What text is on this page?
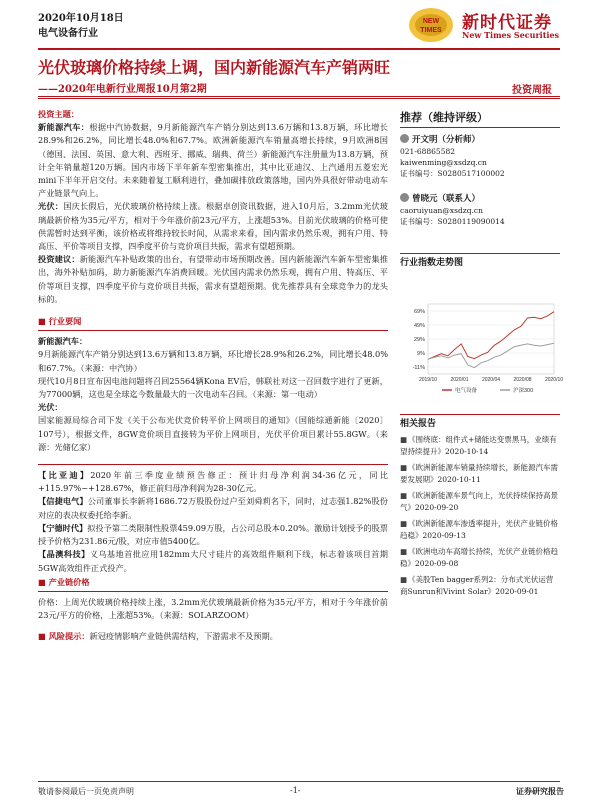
2020年10月18日
电气设备行业
NEW
TIMES 新时代证券
New Times Securities
光伏玻璃价格持续上调，国内新能源汽车产销两旺
——2020年电新行业周报10月第2期	投资周报

投资主题：

新能源汽车：根据中汽协数据，9月新能源汽车产销分别达到13.6万辆和13.8万辆，环比增长28.9%和26.2%，同比增长48.0%和67.7%。欧洲新能源汽车销量高增长持续，9月欧洲8国（德国、法国、英国、意大利、西班牙、挪威、瑞典、荷兰）新能源汽车注册量为13.8万辆，预计全年销量超120万辆。国内市场下半年新车型密集推出，其中比亚迪汉、上汽通用五菱宏光mini下半年开启交付。未来随着复工顺利进行，叠加碳排放政策落地，国内外具很好带动电动车产业链景气向上。

光伏：国庆长假后，光伏玻璃价格持续上涨。根据卓创资讯数据，进入10月后，3.2mm光伏玻璃最新价格为35元/平方，相对于今年涨价前23元/平方，上涨超53%。目前光伏玻璃的价格可使供需暂时达到平衡，该价格或将维持较长时间，从需求来看，国内需求仍然乐观，拥有户用、特高压、平价等项目支撑，四季度平价与竞价项目共振，需求有望超预期。

投资建议：新能源汽车补贴政策的出台，有望带动市场预期改善。国内新能源汽车新车型密集推出，海外补贴加码，助力新能源汽车消费回暖。光伏国内需求仍然乐观，拥有户用、特高压、平价等项目支撑，四季度平价与竞价项目共振，需求有望超预期。优先推荐具有全球竞争力的龙头标的。

■ 行业要闻

新能源汽车：

9月新能源汽车产销分别达到13.6万辆和13.8万辆，环比增长28.9%和26.2%，同比增长48.0%和67.7%。（来源：中汽协）

现代10月8日宣布因电池问题将召回25564辆Kona EV后，韩联社对这一召回数字进行了更新，为77000辆，这也是全球迄今数量最大的一次电动车召回。（来源：第一电动）

光伏：

国家能源局综合司下发《关于公布光伏竞价转平价上网项目的通知》（国能综通新能〔2020〕107号），根据文件，8GW竞价项目直接转为平价上网项目，光伏平价项目累计55.8GW。（来源：光储亿家）

【比亚迪】2020年前三季度业绩预告修正：预计归母净利润34-36亿元，同比+115.97%~+128.67%，修正前归母净利润为28-30亿元。

【信捷电气】公司董事长李新将1686.72万股股份过户至刘舜莉名下，同时，过志强1.82%股份对应的表决权委托给李新。

【宁德时代】拟投予第二类限制性股票459.09万股，占公司总股本0.20%。激励计划授予的股票授予价格为231.86元/股，对应市值5400亿。

【晶澳科技】义乌基地首批应用182mm大尺寸硅片的高效组件顺利下线，标志着该项目首期5GW高效组件正式投产。

■ 产业链价格

价格：上周光伏玻璃价格持续上涨，3.2mm光伏玻璃最新价格为35元/平方，相对于今年涨价前23元/平方的价格，上涨超53%。（来源：SOLARZOOM）

■ 风险提示：新冠疫情影响产业链供需结构，下游需求不及预期。

推荐（维持评级）
开文明（分析师）
021-68865582
kaiwenming@xsdzq.cn
证书编号：S0280517100002
曾晓元（联系人）
caoruiyuan@xsdzq.cn
证书编号：S0280119090014
行业指数走势图
69%
49%
29%
9%
-11%
2019/10	2020/01	2020/04	2020/08	2020/10
电气设备	沪深300
相关报告
■《围绕底：组件式+储能达变票黑马，业绩有望持续提升》2020-10-14
■《欧洲新能源车销量持续增长，新能源汽车需要发展期》2020-10-11
■《欧洲新能源车景气向上，光伏持续保持高景气》2020-09-20
■《欧洲新能源车渗透率提升，光伏产业链价格趋稳》2020-09-13
■《欧洲电动车高增长持续，光伏产业链价格趋稳》2020-09-08
■《美股Ten bagger系列2：分布式光伏运营商Sunrun和Vivint Solar》2020-09-01
敬请参阅最后一页免责声明	-1-	证券研究报告
